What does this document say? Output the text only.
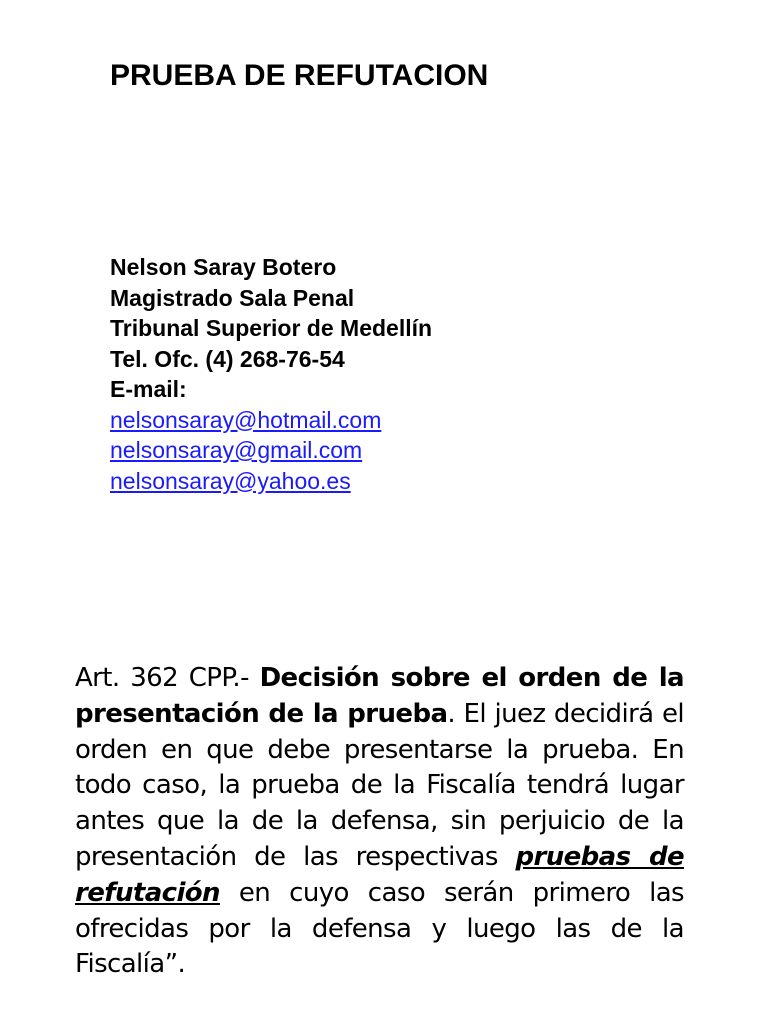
PRUEBA DE REFUTACION
Nelson Saray Botero
Magistrado Sala Penal
Tribunal Superior de Medellín
Tel. Ofc. (4) 268-76-54
E-mail:
nelsonsaray@hotmail.com
nelsonsaray@gmail.com
nelsonsaray@yahoo.es

Art. 362 CPP.- Decisión sobre el orden de la presentación de la prueba. El juez decidirá el orden en que debe presentarse la prueba. En todo caso, la prueba de la Fiscalía tendrá lugar antes que la de la defensa, sin perjuicio de la presentación de las respectivas pruebas de refutación en cuyo caso serán primero las ofrecidas por la defensa y luego las de la Fiscalía”.
